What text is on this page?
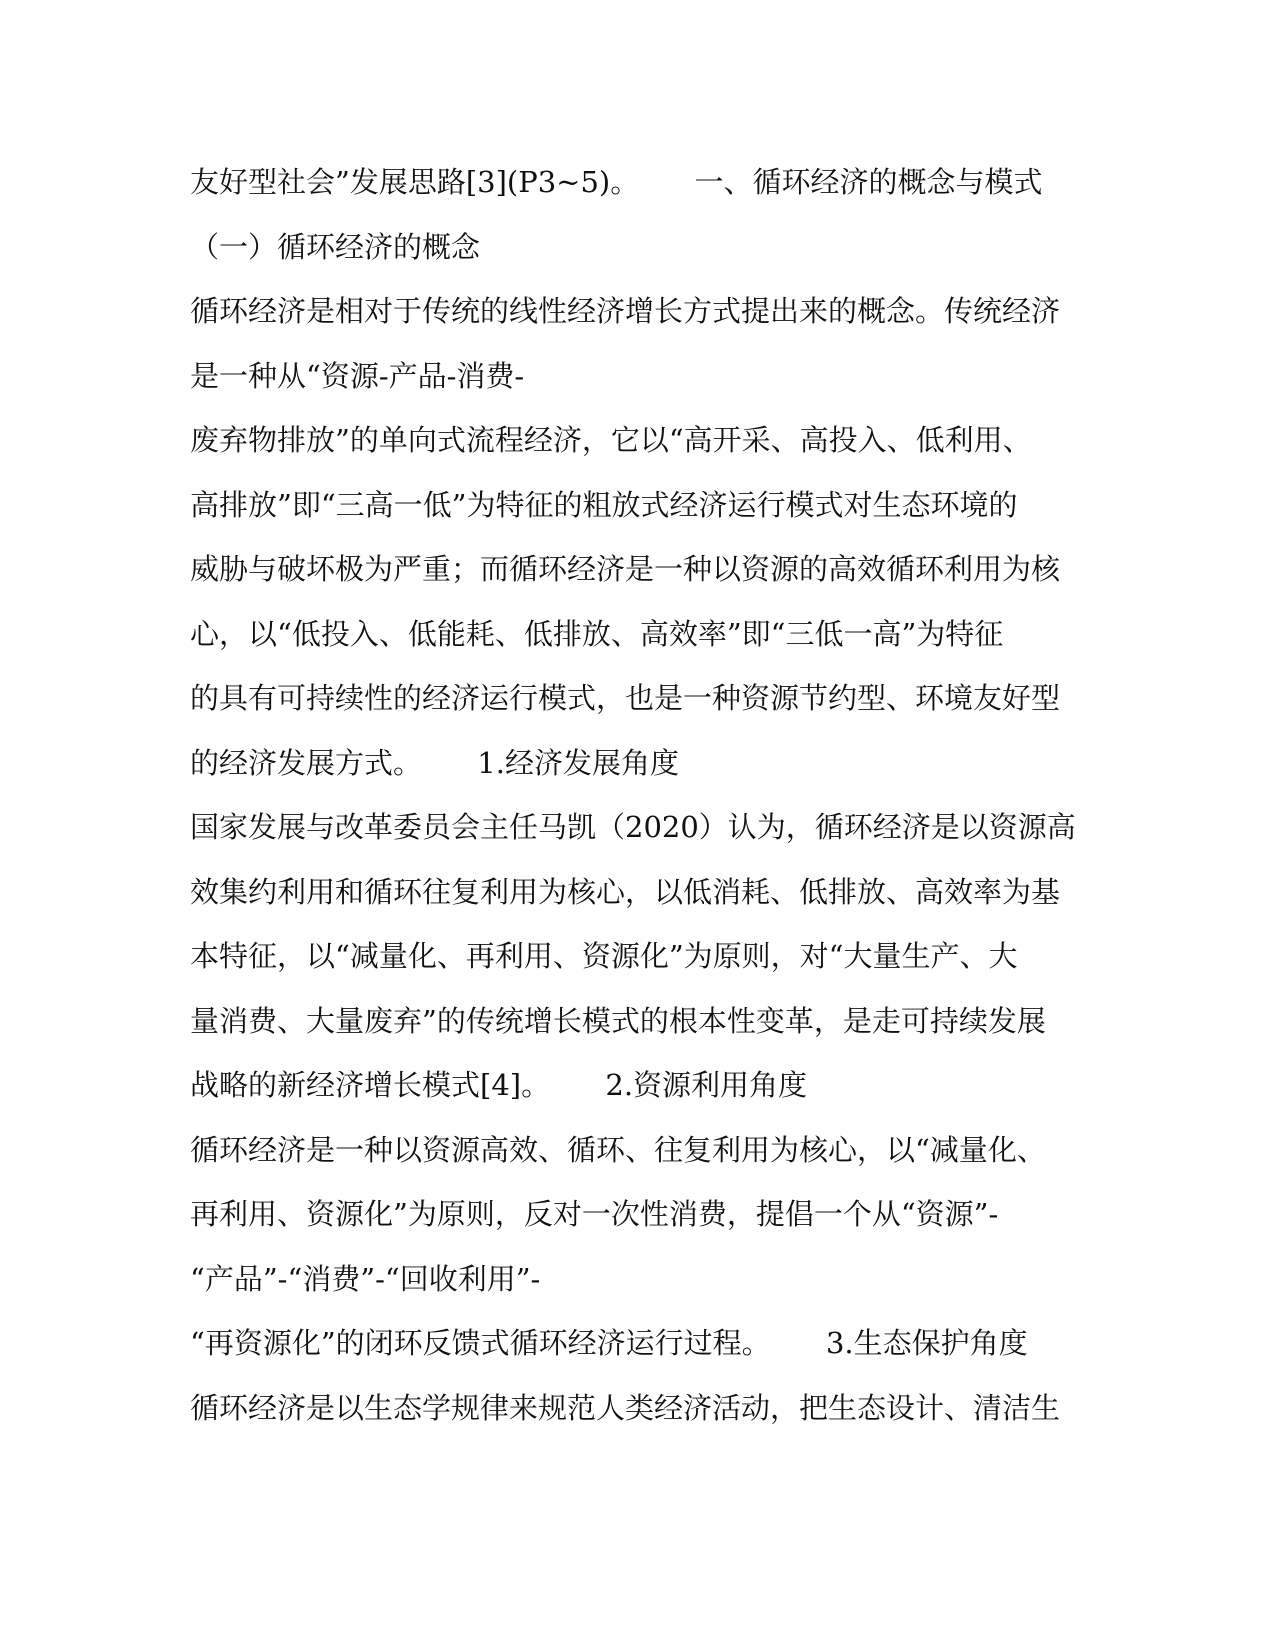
友好型社会”发展思路[3](P3~5)。      一、循环经济的概念与模式
（一）循环经济的概念
循环经济是相对于传统的线性经济增长方式提出来的概念。传统经济
是一种从“资源-产品-消费-
废弃物排放”的单向式流程经济，它以“高开采、高投入、低利用、
高排放”即“三高一低”为特征的粗放式经济运行模式对生态环境的
威胁与破坏极为严重；而循环经济是一种以资源的高效循环利用为核
心，以“低投入、低能耗、低排放、高效率”即“三低一高”为特征
的具有可持续性的经济运行模式，也是一种资源节约型、环境友好型
的经济发展方式。      1.经济发展角度
国家发展与改革委员会主任马凯（2020）认为，循环经济是以资源高
效集约利用和循环往复利用为核心，以低消耗、低排放、高效率为基
本特征，以“减量化、再利用、资源化”为原则，对“大量生产、大
量消费、大量废弃”的传统增长模式的根本性变革，是走可持续发展
战略的新经济增长模式[4]。      2.资源利用角度
循环经济是一种以资源高效、循环、往复利用为核心，以“减量化、
再利用、资源化”为原则，反对一次性消费，提倡一个从“资源”-
“产品”-“消费”-“回收利用”-
“再资源化”的闭环反馈式循环经济运行过程。      3.生态保护角度
循环经济是以生态学规律来规范人类经济活动，把生态设计、清洁生
